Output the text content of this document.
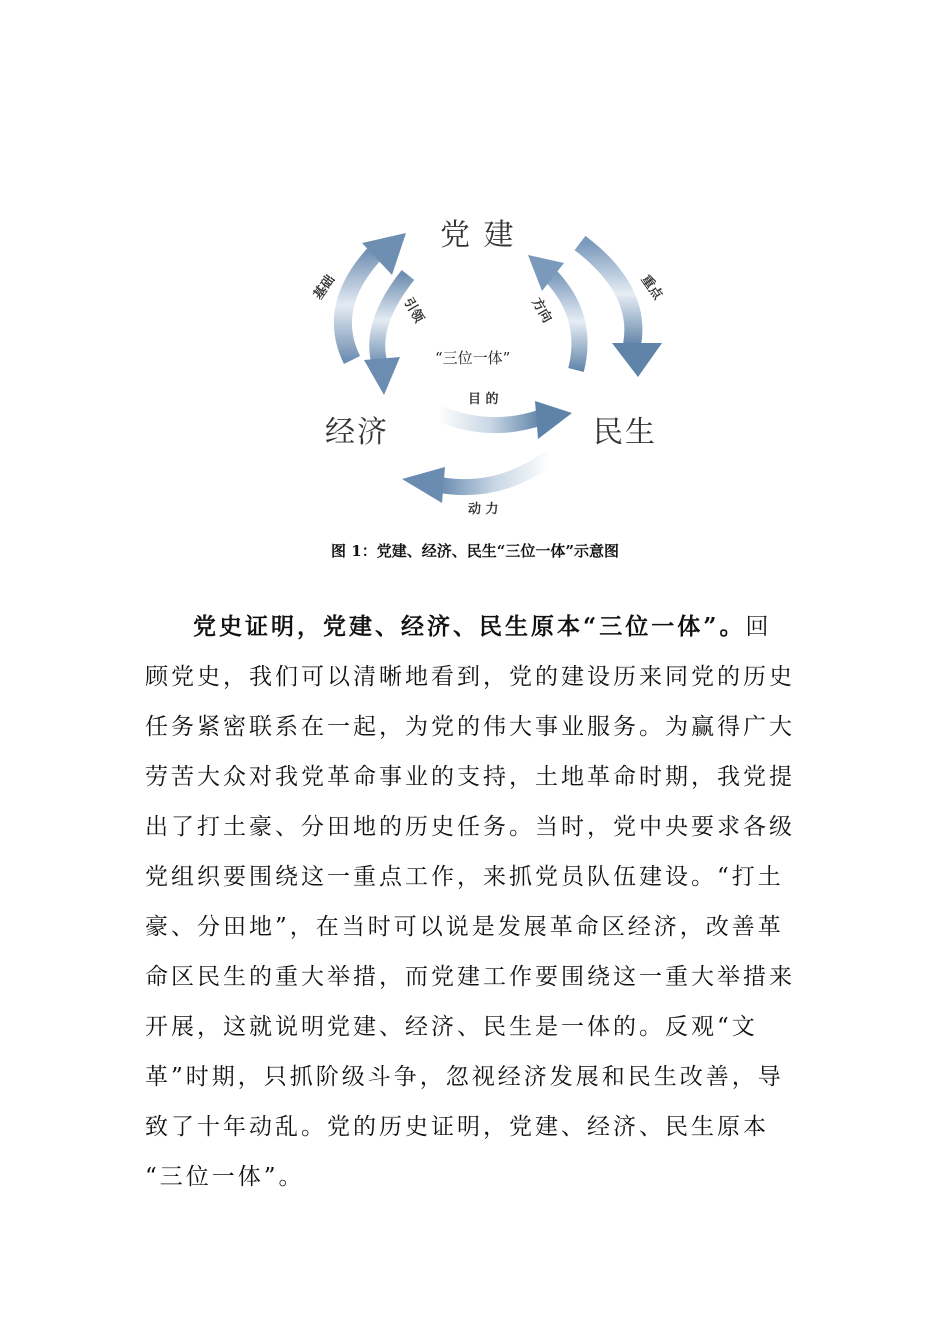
党 建
经济	民生
“三位一体”
基础
引领	方向
重点
目 的
动 力
图 1：党建、经济、民生“三位一体”示意图
党史证明，党建、经济、民生原本“三位一体”。回
顾党史，我们可以清晰地看到，党的建设历来同党的历史
任务紧密联系在一起，为党的伟大事业服务。为赢得广大
劳苦大众对我党革命事业的支持，土地革命时期，我党提
出了打土豪、分田地的历史任务。当时，党中央要求各级
党组织要围绕这一重点工作，来抓党员队伍建设。“打土
豪、分田地”，在当时可以说是发展革命区经济，改善革
命区民生的重大举措，而党建工作要围绕这一重大举措来
开展，这就说明党建、经济、民生是一体的。反观“文
革”时期，只抓阶级斗争，忽视经济发展和民生改善，导
致了十年动乱。党的历史证明，党建、经济、民生原本
“三位一体”。
